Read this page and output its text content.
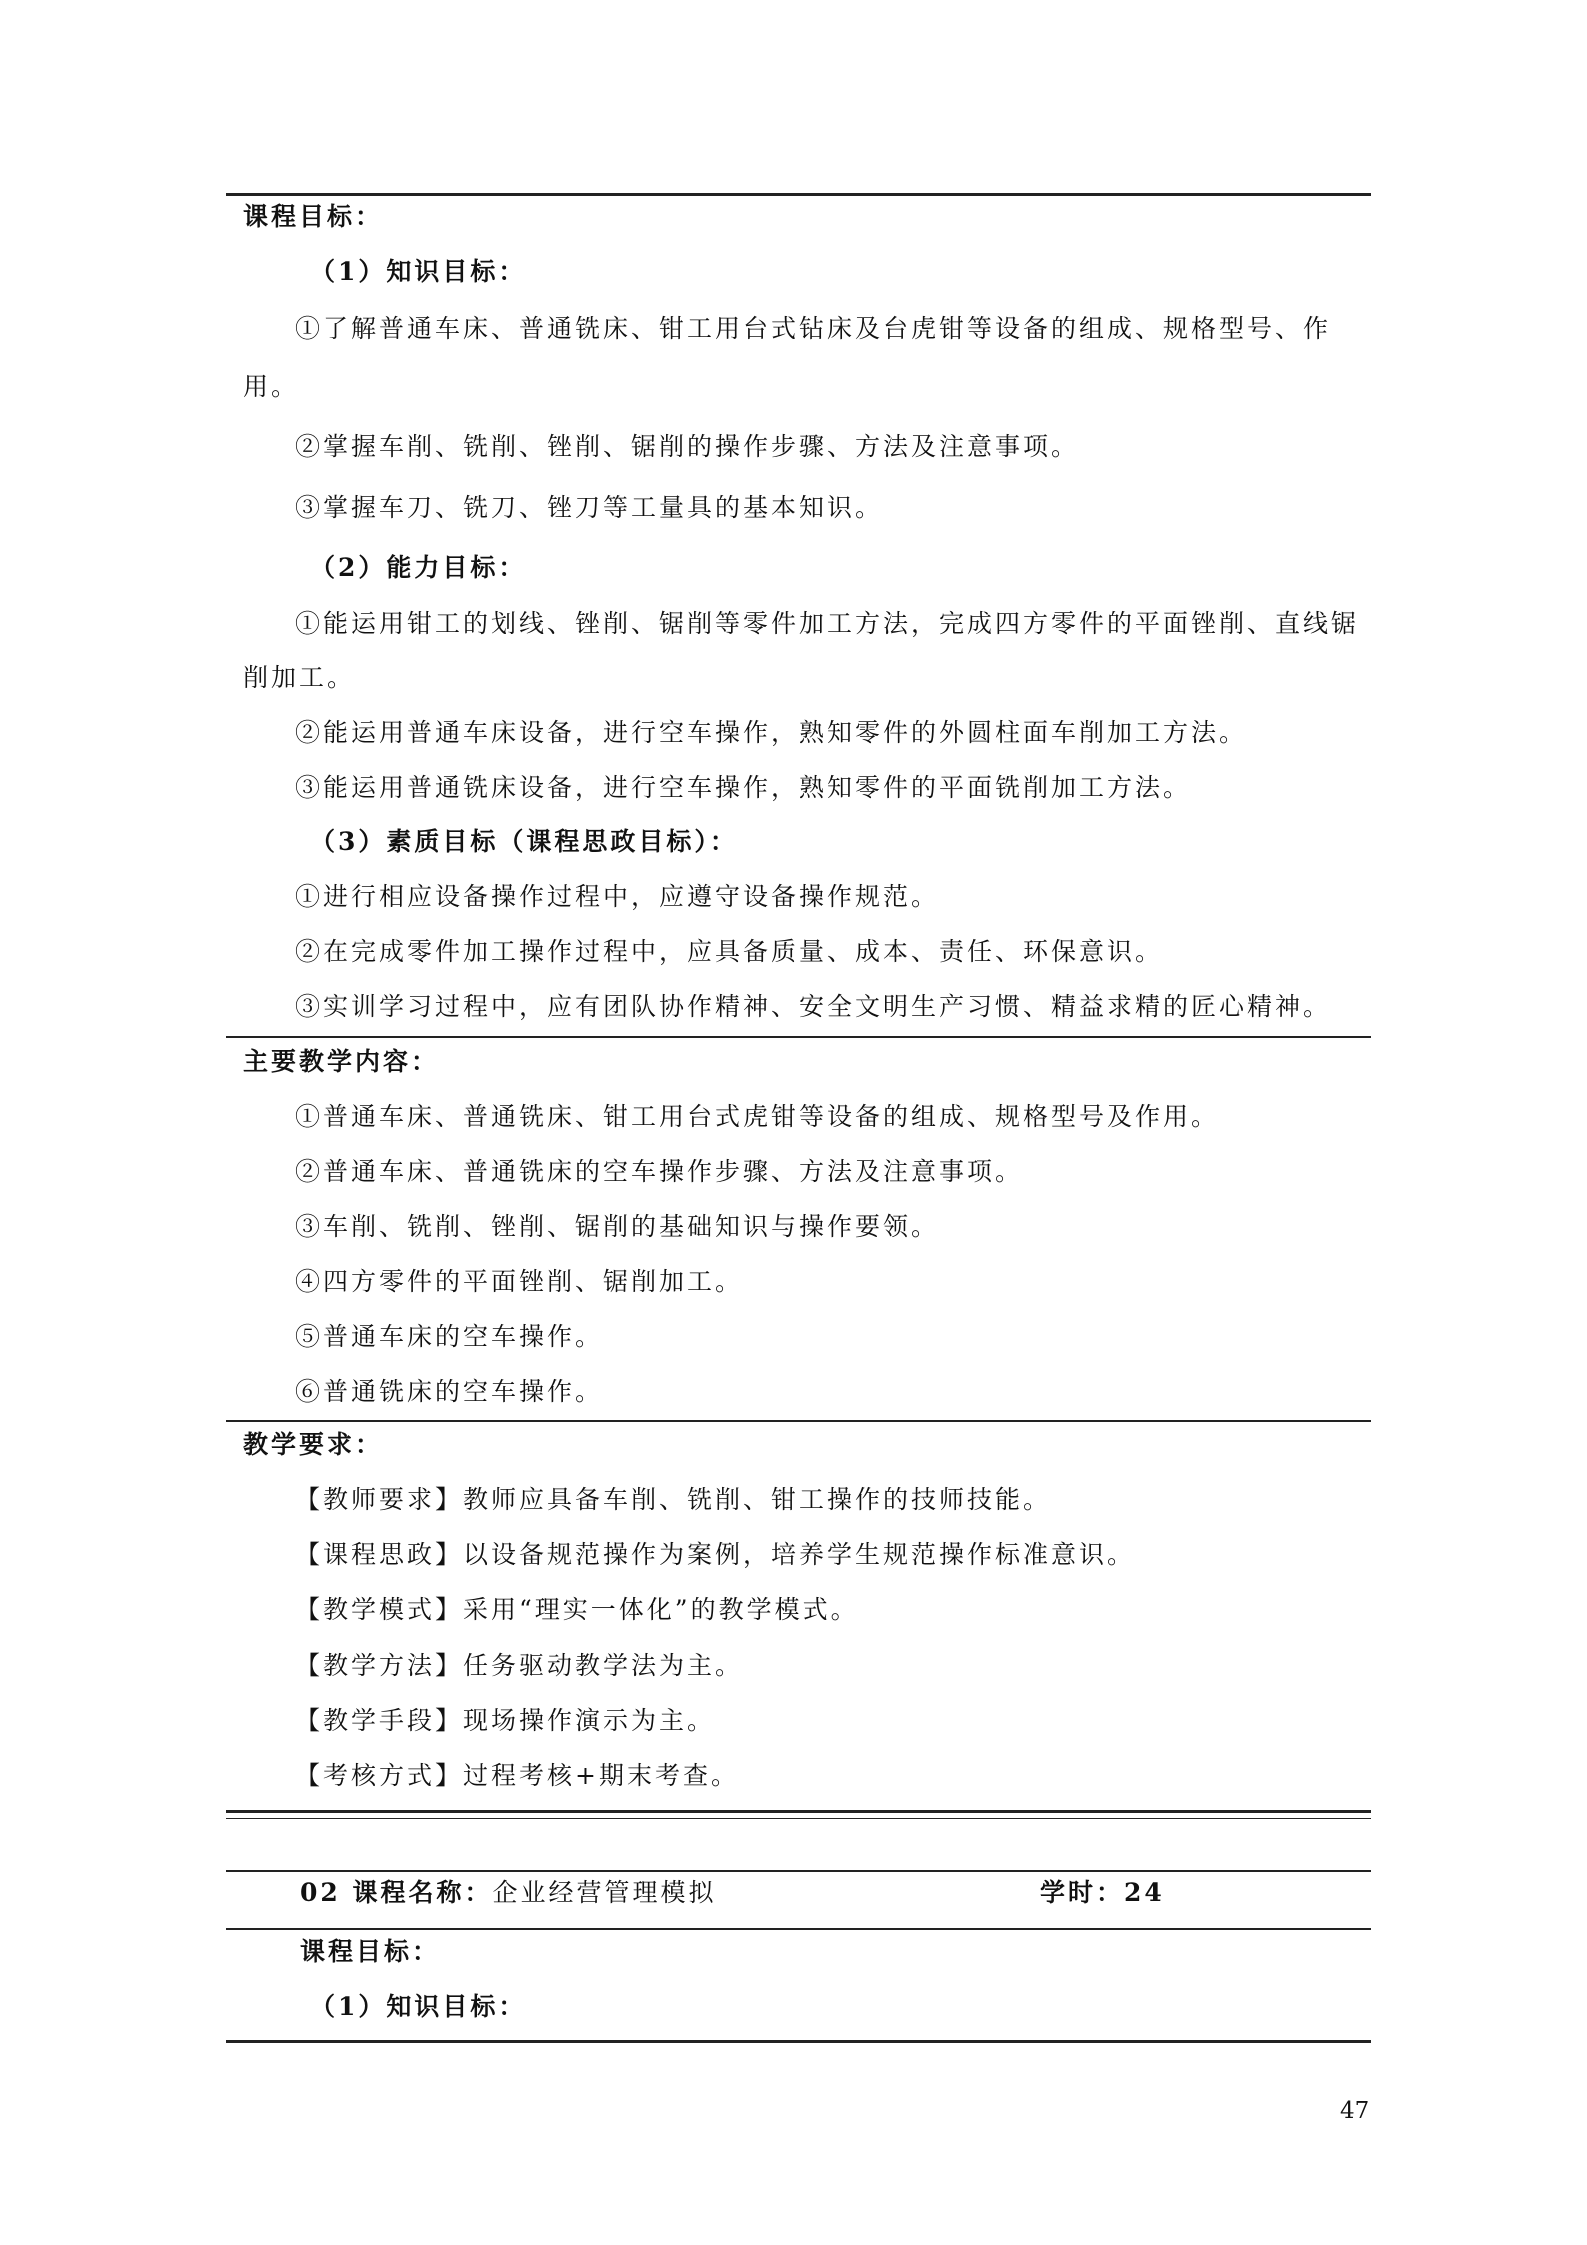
课程目标：
（1）知识目标：
①了解普通车床、普通铣床、钳工用台式钻床及台虎钳等设备的组成、规格型号、作
用。
②掌握车削、铣削、锉削、锯削的操作步骤、方法及注意事项。
③掌握车刀、铣刀、锉刀等工量具的基本知识。
（2）能力目标：
①能运用钳工的划线、锉削、锯削等零件加工方法，完成四方零件的平面锉削、直线锯
削加工。
②能运用普通车床设备，进行空车操作，熟知零件的外圆柱面车削加工方法。
③能运用普通铣床设备，进行空车操作，熟知零件的平面铣削加工方法。
（3）素质目标（课程思政目标）：
①进行相应设备操作过程中，应遵守设备操作规范。
②在完成零件加工操作过程中，应具备质量、成本、责任、环保意识。
③实训学习过程中，应有团队协作精神、安全文明生产习惯、精益求精的匠心精神。
主要教学内容：
①普通车床、普通铣床、钳工用台式虎钳等设备的组成、规格型号及作用。
②普通车床、普通铣床的空车操作步骤、方法及注意事项。
③车削、铣削、锉削、锯削的基础知识与操作要领。
④四方零件的平面锉削、锯削加工。
⑤普通车床的空车操作。
⑥普通铣床的空车操作。
教学要求：
【教师要求】教师应具备车削、铣削、钳工操作的技师技能。
【课程思政】以设备规范操作为案例，培养学生规范操作标准意识。
【教学模式】采用“理实一体化”的教学模式。
【教学方法】任务驱动教学法为主。
【教学手段】现场操作演示为主。
【考核方式】过程考核+期末考查。
02 课程名称：企业经营管理模拟	学时：24
课程目标：
（1）知识目标：
47
